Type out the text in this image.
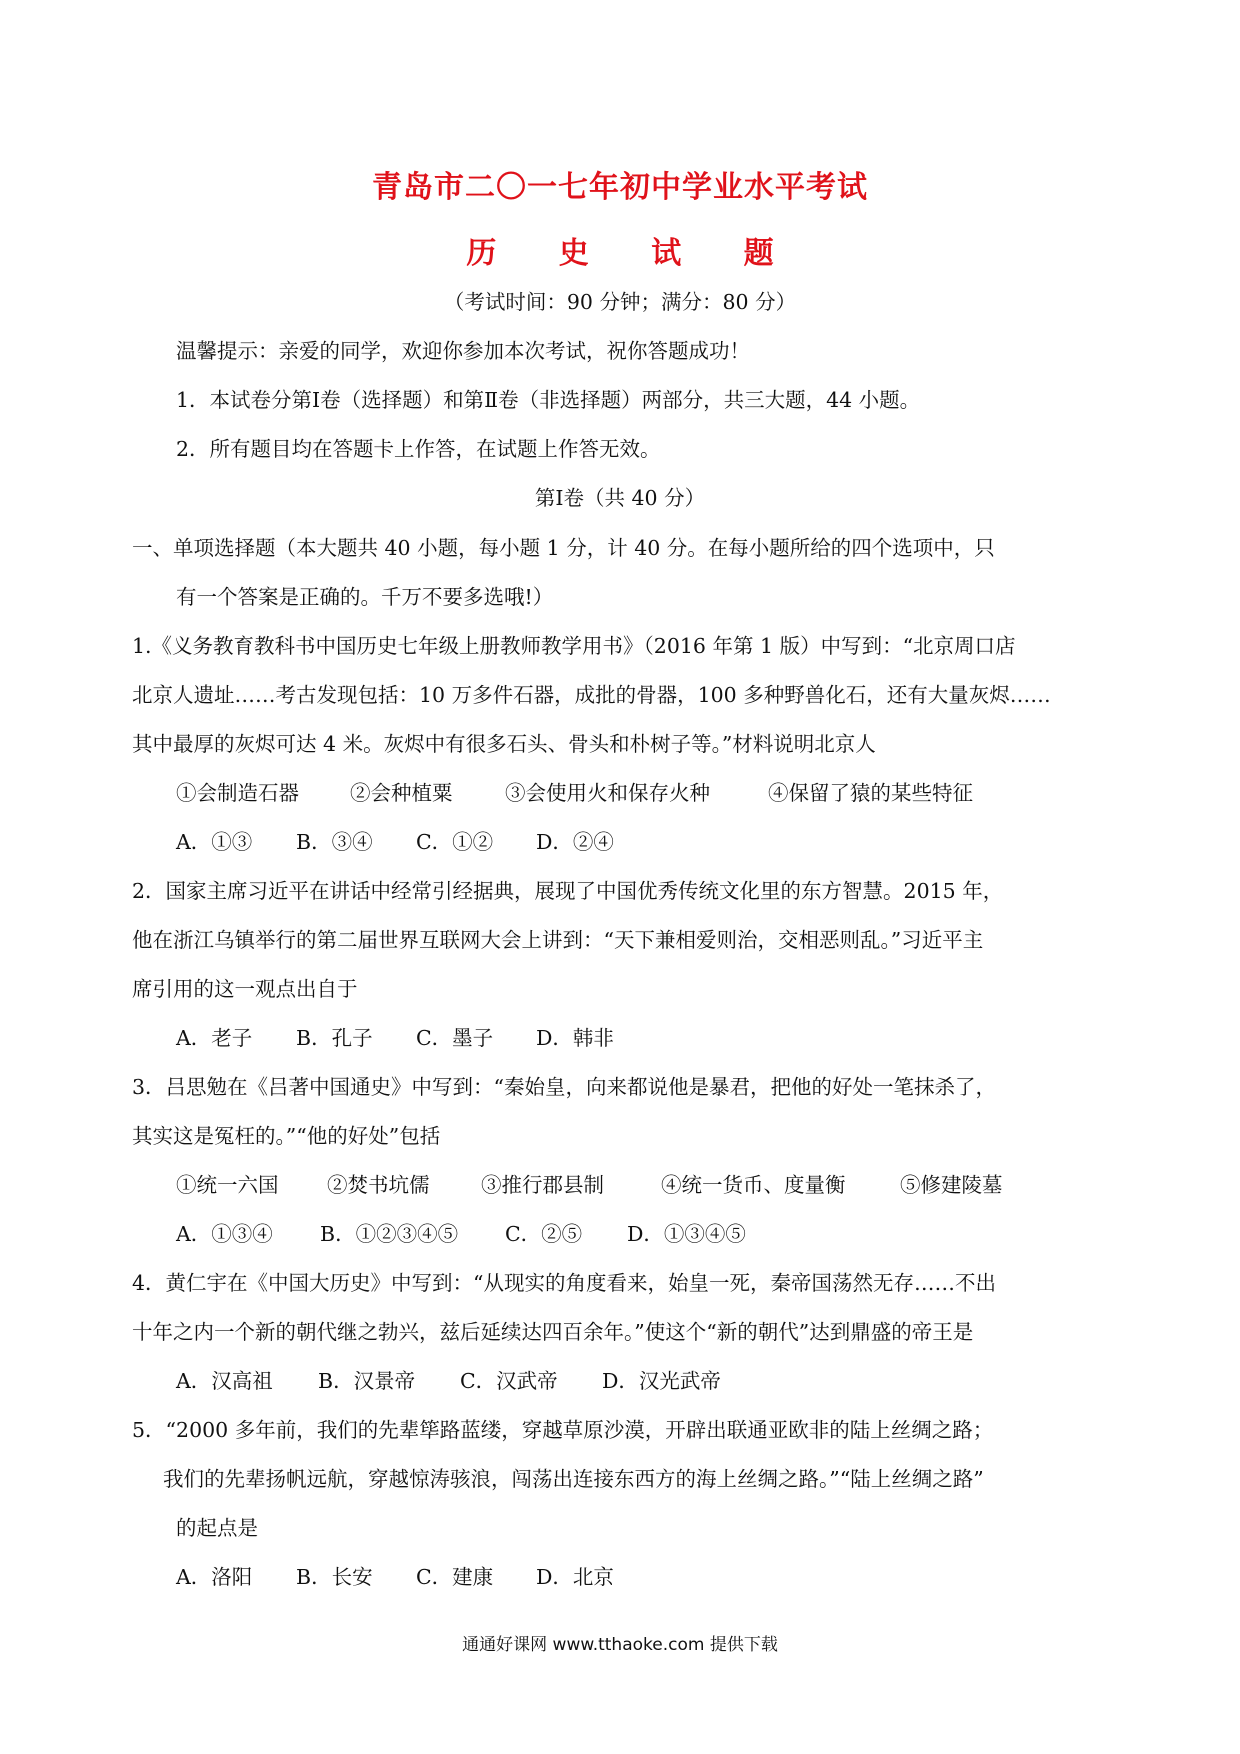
青岛市二〇一七年初中学业水平考试
历 史 试 题
（考试时间：90 分钟；满分：80 分）
温馨提示：亲爱的同学，欢迎你参加本次考试，祝你答题成功！
1．本试卷分第Ⅰ卷（选择题）和第Ⅱ卷（非选择题）两部分，共三大题，44 小题。
2．所有题目均在答题卡上作答，在试题上作答无效。
第Ⅰ卷（共 40 分）
一、单项选择题（本大题共 40 小题，每小题 1 分，计 40 分。在每小题所给的四个选项中，只
有一个答案是正确的。千万不要多选哦!）
1.《义务教育教科书中国历史七年级上册教师教学用书》（2016 年第 1 版）中写到：“北京周口店
北京人遗址……考古发现包括：10 万多件石器，成批的骨器，100 多种野兽化石，还有大量灰烬……
其中最厚的灰烬可达 4 米。灰烬中有很多石头、骨头和朴树子等。”材料说明北京人
①会制造石器 ②会种植粟	③会使用火和保存火种	④保留了猿的某些特征
A．①③ B．③④ C．①② D．②④
2．国家主席习近平在讲话中经常引经据典，展现了中国优秀传统文化里的东方智慧。2015 年，
他在浙江乌镇举行的第二届世界互联网大会上讲到：“天下兼相爱则治，交相恶则乱。”习近平主
席引用的这一观点出自于
A．老子 B．孔子 C．墨子 D．韩非
3．吕思勉在《吕著中国通史》中写到：“秦始皇，向来都说他是暴君，把他的好处一笔抹杀了，
其实这是冤枉的。”“他的好处”包括
①统一六国 ②焚书坑儒	③推行郡县制	④统一货币、度量衡	⑤修建陵墓
A．①③④ B．①②③④⑤ C．②⑤ D．①③④⑤
4．黄仁宇在《中国大历史》中写到：“从现实的角度看来，始皇一死，秦帝国荡然无存……不出
十年之内一个新的朝代继之勃兴，兹后延续达四百余年。”使这个“新的朝代”达到鼎盛的帝王是
A．汉高祖 B．汉景帝 C．汉武帝 D．汉光武帝
5．“2000 多年前，我们的先辈筚路蓝缕，穿越草原沙漠，开辟出联通亚欧非的陆上丝绸之路；
我们的先辈扬帆远航，穿越惊涛骇浪，闯荡出连接东西方的海上丝绸之路。”“陆上丝绸之路”
的起点是
A．洛阳 B．长安 C．建康 D．北京
通通好课网 www.tthaoke.com 提供下载
